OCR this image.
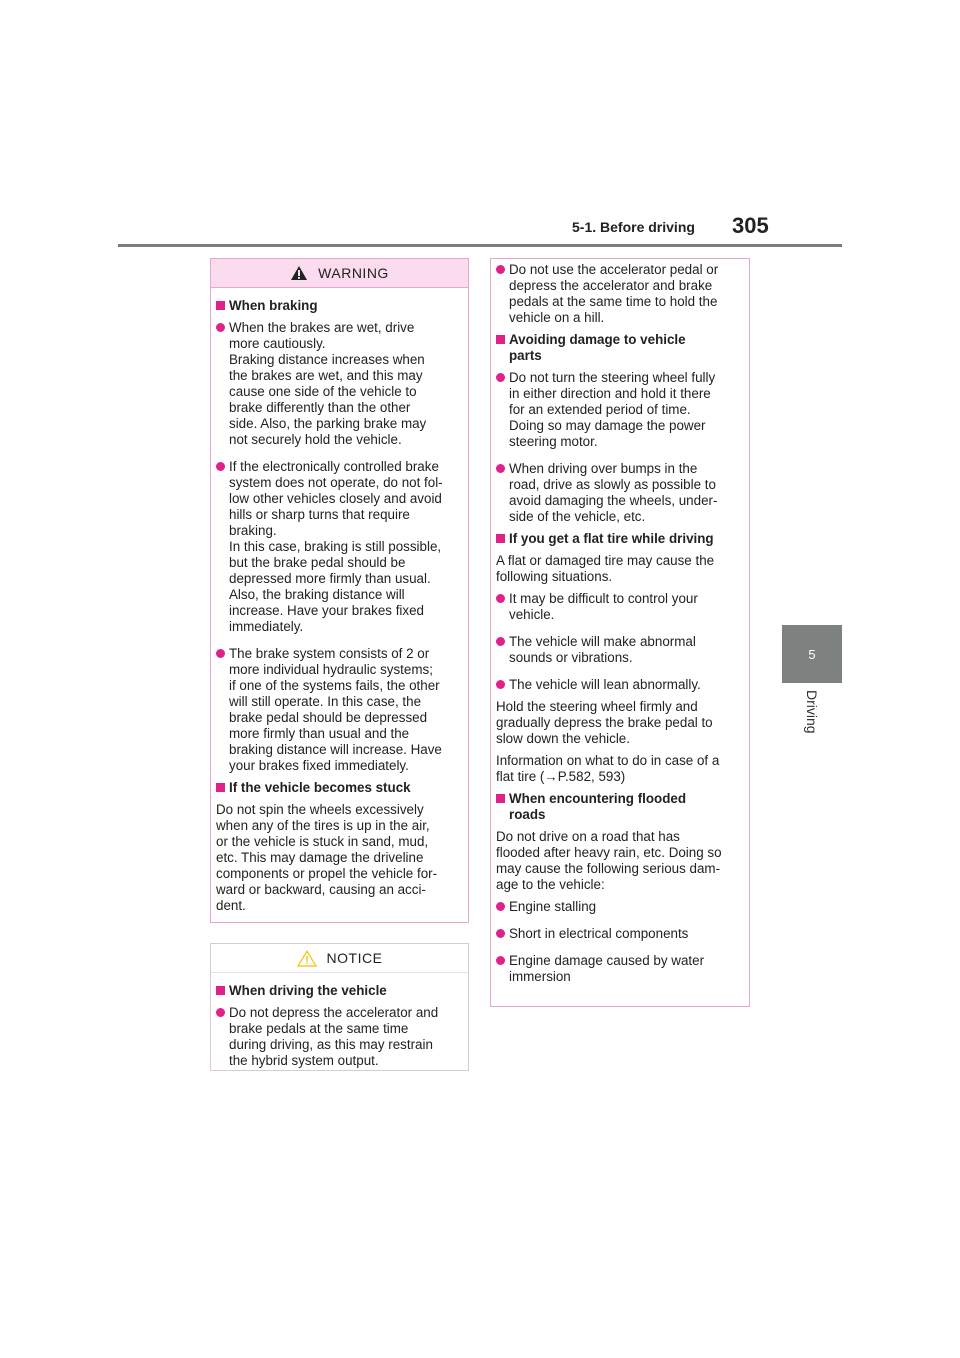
5-1. Before driving 305
5
Driving
WARNING
When braking
When the brakes are wet, drive
more cautiously.
Braking distance increases when
the brakes are wet, and this may
cause one side of the vehicle to
brake differently than the other
side. Also, the parking brake may
not securely hold the vehicle.
If the electronically controlled brake
system does not operate, do not fol-
low other vehicles closely and avoid
hills or sharp turns that require
braking.
In this case, braking is still possible,
but the brake pedal should be
depressed more firmly than usual.
Also, the braking distance will
increase. Have your brakes fixed
immediately.
The brake system consists of 2 or
more individual hydraulic systems;
if one of the systems fails, the other
will still operate. In this case, the
brake pedal should be depressed
more firmly than usual and the
braking distance will increase. Have
your brakes fixed immediately.
If the vehicle becomes stuck
Do not spin the wheels excessively
when any of the tires is up in the air,
or the vehicle is stuck in sand, mud,
etc. This may damage the driveline
components or propel the vehicle for-
ward or backward, causing an acci-
dent.
NOTICE
When driving the vehicle
Do not depress the accelerator and
brake pedals at the same time
during driving, as this may restrain
the hybrid system output.
Do not use the accelerator pedal or
depress the accelerator and brake
pedals at the same time to hold the
vehicle on a hill.
Avoiding damage to vehicle
parts
Do not turn the steering wheel fully
in either direction and hold it there
for an extended period of time.
Doing so may damage the power
steering motor.
When driving over bumps in the
road, drive as slowly as possible to
avoid damaging the wheels, under-
side of the vehicle, etc.
If you get a flat tire while driving
A flat or damaged tire may cause the
following situations.
It may be difficult to control your
vehicle.
The vehicle will make abnormal
sounds or vibrations.
The vehicle will lean abnormally.
Hold the steering wheel firmly and
gradually depress the brake pedal to
slow down the vehicle.
Information on what to do in case of a
flat tire (→P.582, 593)
When encountering flooded
roads
Do not drive on a road that has
flooded after heavy rain, etc. Doing so
may cause the following serious dam-
age to the vehicle:
Engine stalling
Short in electrical components
Engine damage caused by water
immersion
